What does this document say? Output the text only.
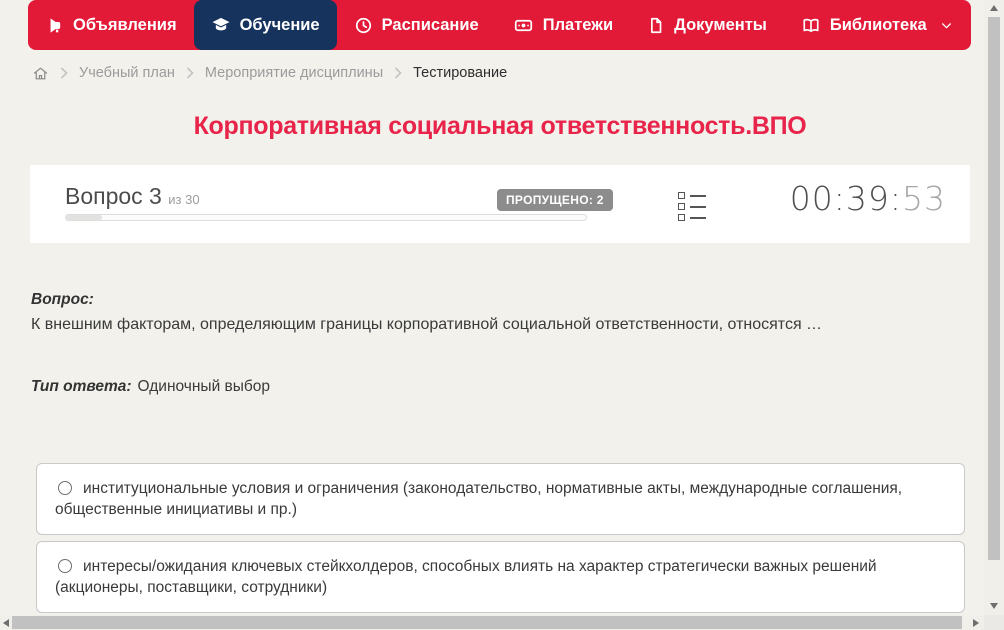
Объявления	Обучение	Расписание	Платежи	Документы	Библиотека
Учебный план Мероприятие дисциплины Тестирование
Корпоративная социальная ответственность.ВПО
Вопрос 3 из 30	ПРОПУЩЕНО: 2	00:39:53
Вопрос:
К внешним факторам, определяющим границы корпоративной социальной ответственности, относятся …
Тип ответа: Одиночный выбор
институциональные условия и ограничения (законодательство, нормативные акты, международные соглашения, общественные инициативы и пр.)
интересы/ожидания ключевых стейкхолдеров, способных влиять на характер стратегически важных решений (акционеры, поставщики, сотрудники)
